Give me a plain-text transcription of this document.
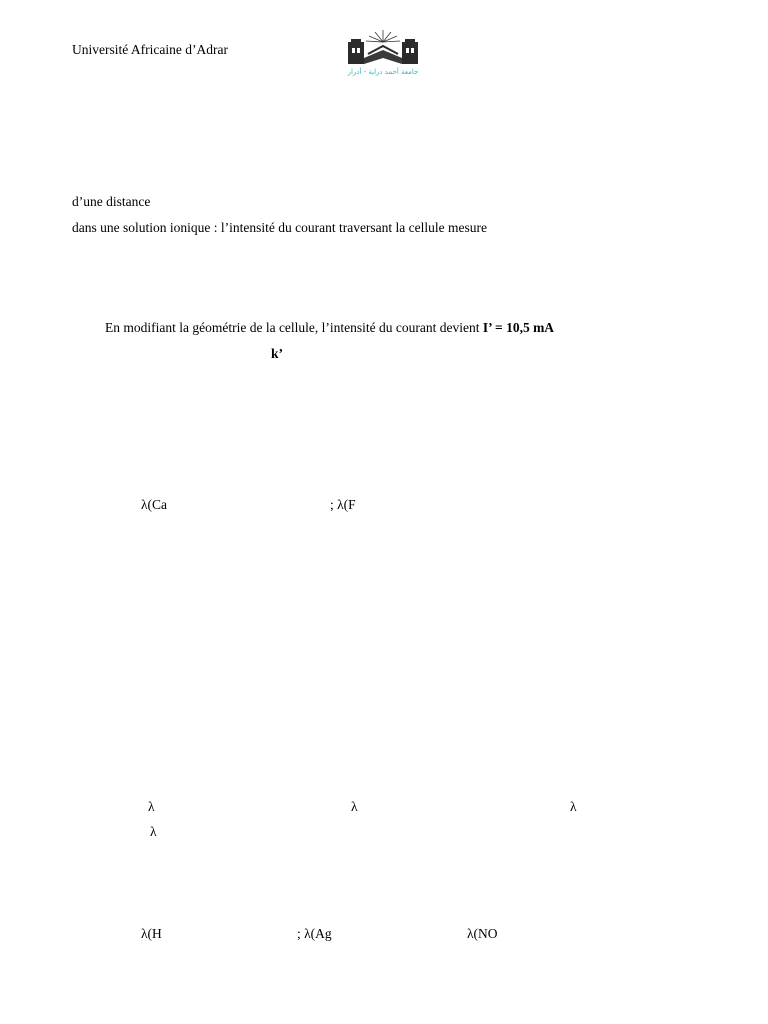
Université Africaine d’Adrar
جامعة أحمد دراية - أدرار
d’une distance
dans une solution ionique : l’intensité du courant traversant la cellule mesure
En modifiant la géométrie de la cellule, l’intensité du courant devient I’ = 10,5 mA
k’
λ(Ca	; λ(F
λ	λ	λ
λ
λ(H	; λ(Ag	λ(NO
